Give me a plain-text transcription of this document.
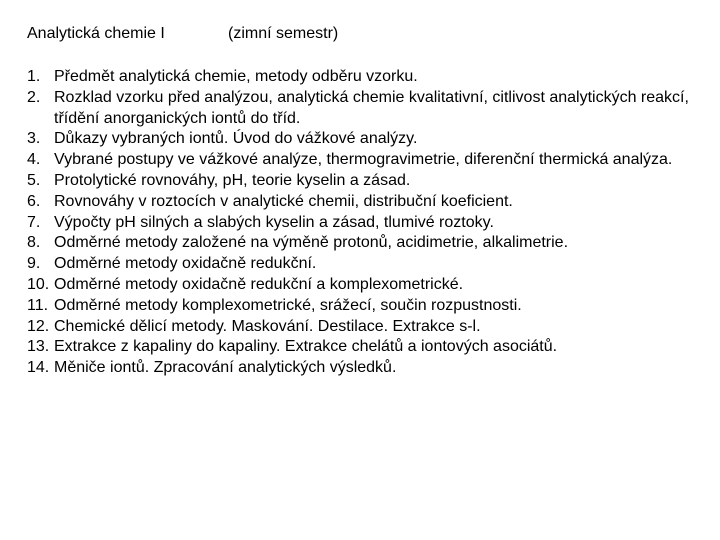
Analytická chemie I	(zimní semestr)
1. Předmět analytická chemie, metody odběru vzorku.
2. Rozklad vzorku před analýzou, analytická chemie kvalitativní, citlivost analytických reakcí, třídění anorganických iontů do tříd.
3. Důkazy vybraných iontů. Úvod do vážkové analýzy.
4. Vybrané postupy ve vážkové analýze, thermogravimetrie, diferenční thermická analýza.
5. Protolytické rovnováhy, pH, teorie kyselin a zásad.
6. Rovnováhy v roztocích v analytické chemii, distribuční koeficient.
7. Výpočty pH silných a slabých kyselin a zásad, tlumivé roztoky.
8. Odměrné metody založené na výměně protonů, acidimetrie, alkalimetrie.
9. Odměrné metody oxidačně redukční.
10. Odměrné metody oxidačně redukční a komplexometrické.
11. Odměrné metody komplexometrické, srážecí, součin rozpustnosti.
12. Chemické dělicí metody. Maskování. Destilace. Extrakce s-l.
13. Extrakce z kapaliny do kapaliny. Extrakce chelátů a iontových asociátů.
14. Měniče iontů. Zpracování analytických výsledků.
